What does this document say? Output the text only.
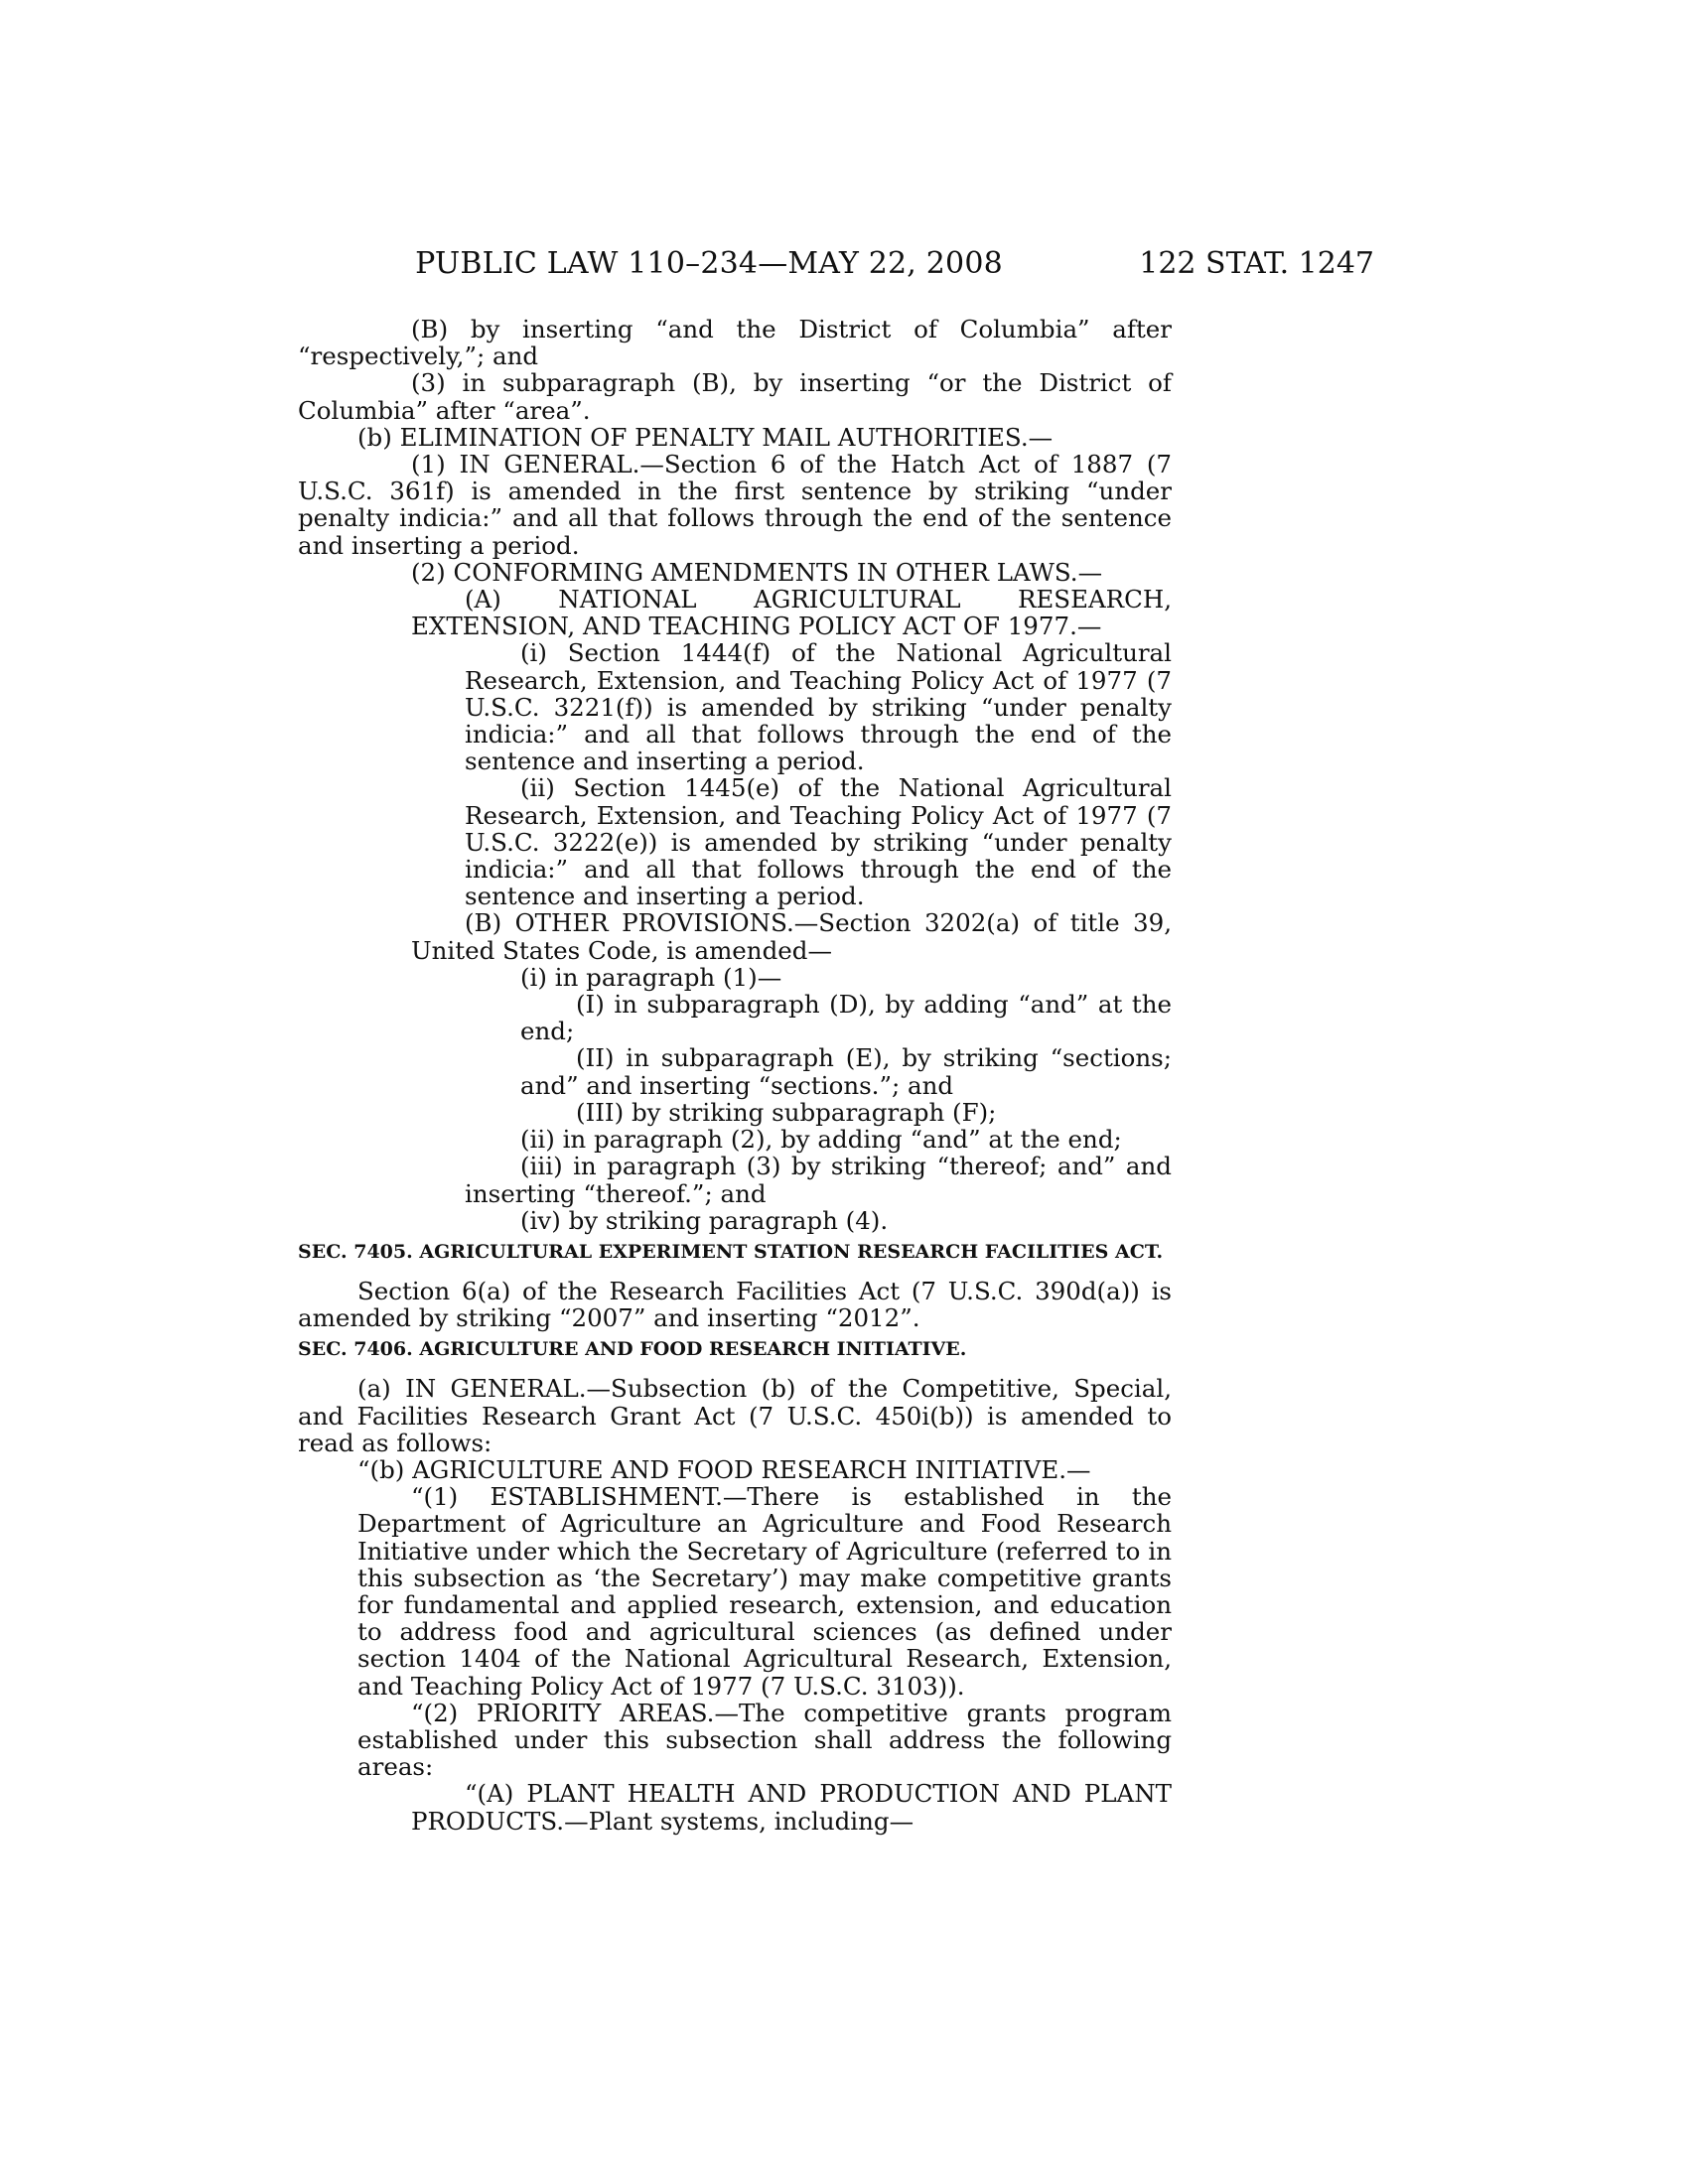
PUBLIC LAW 110–234—MAY 22, 2008	122 STAT. 1247

(B) by inserting “and the District of Columbia” after “respectively,”; and

(3) in subparagraph (B), by inserting “or the District of Columbia” after “area”.

(b) ELIMINATION OF PENALTY MAIL AUTHORITIES.—

(1) IN GENERAL.—Section 6 of the Hatch Act of 1887 (7 U.S.C. 361f) is amended in the first sentence by striking “under penalty indicia:” and all that follows through the end of the sentence and inserting a period.

(2) CONFORMING AMENDMENTS IN OTHER LAWS.—

(A) NATIONAL AGRICULTURAL RESEARCH, EXTENSION, AND TEACHING POLICY ACT OF 1977.—

(i) Section 1444(f) of the National Agricultural Research, Extension, and Teaching Policy Act of 1977 (7 U.S.C. 3221(f)) is amended by striking “under penalty indicia:” and all that follows through the end of the sentence and inserting a period.

(ii) Section 1445(e) of the National Agricultural Research, Extension, and Teaching Policy Act of 1977 (7 U.S.C. 3222(e)) is amended by striking “under penalty indicia:” and all that follows through the end of the sentence and inserting a period.

(B) OTHER PROVISIONS.—Section 3202(a) of title 39, United States Code, is amended—

(i) in paragraph (1)—

(I) in subparagraph (D), by adding “and” at the end;

(II) in subparagraph (E), by striking “sections; and” and inserting “sections.”; and

(III) by striking subparagraph (F);

(ii) in paragraph (2), by adding “and” at the end;

(iii) in paragraph (3) by striking “thereof; and” and inserting “thereof.”; and

(iv) by striking paragraph (4).

SEC. 7405. AGRICULTURAL EXPERIMENT STATION RESEARCH FACILITIES ACT.

Section 6(a) of the Research Facilities Act (7 U.S.C. 390d(a)) is amended by striking “2007” and inserting “2012”.

SEC. 7406. AGRICULTURE AND FOOD RESEARCH INITIATIVE.

(a) IN GENERAL.—Subsection (b) of the Competitive, Special, and Facilities Research Grant Act (7 U.S.C. 450i(b)) is amended to read as follows:

“(b) AGRICULTURE AND FOOD RESEARCH INITIATIVE.—

“(1) ESTABLISHMENT.—There is established in the Department of Agriculture an Agriculture and Food Research Initiative under which the Secretary of Agriculture (referred to in this subsection as ‘the Secretary’) may make competitive grants for fundamental and applied research, extension, and education to address food and agricultural sciences (as defined under section 1404 of the National Agricultural Research, Extension, and Teaching Policy Act of 1977 (7 U.S.C. 3103)).

“(2) PRIORITY AREAS.—The competitive grants program established under this subsection shall address the following areas:

“(A) PLANT HEALTH AND PRODUCTION AND PLANT PRODUCTS.—Plant systems, including—
